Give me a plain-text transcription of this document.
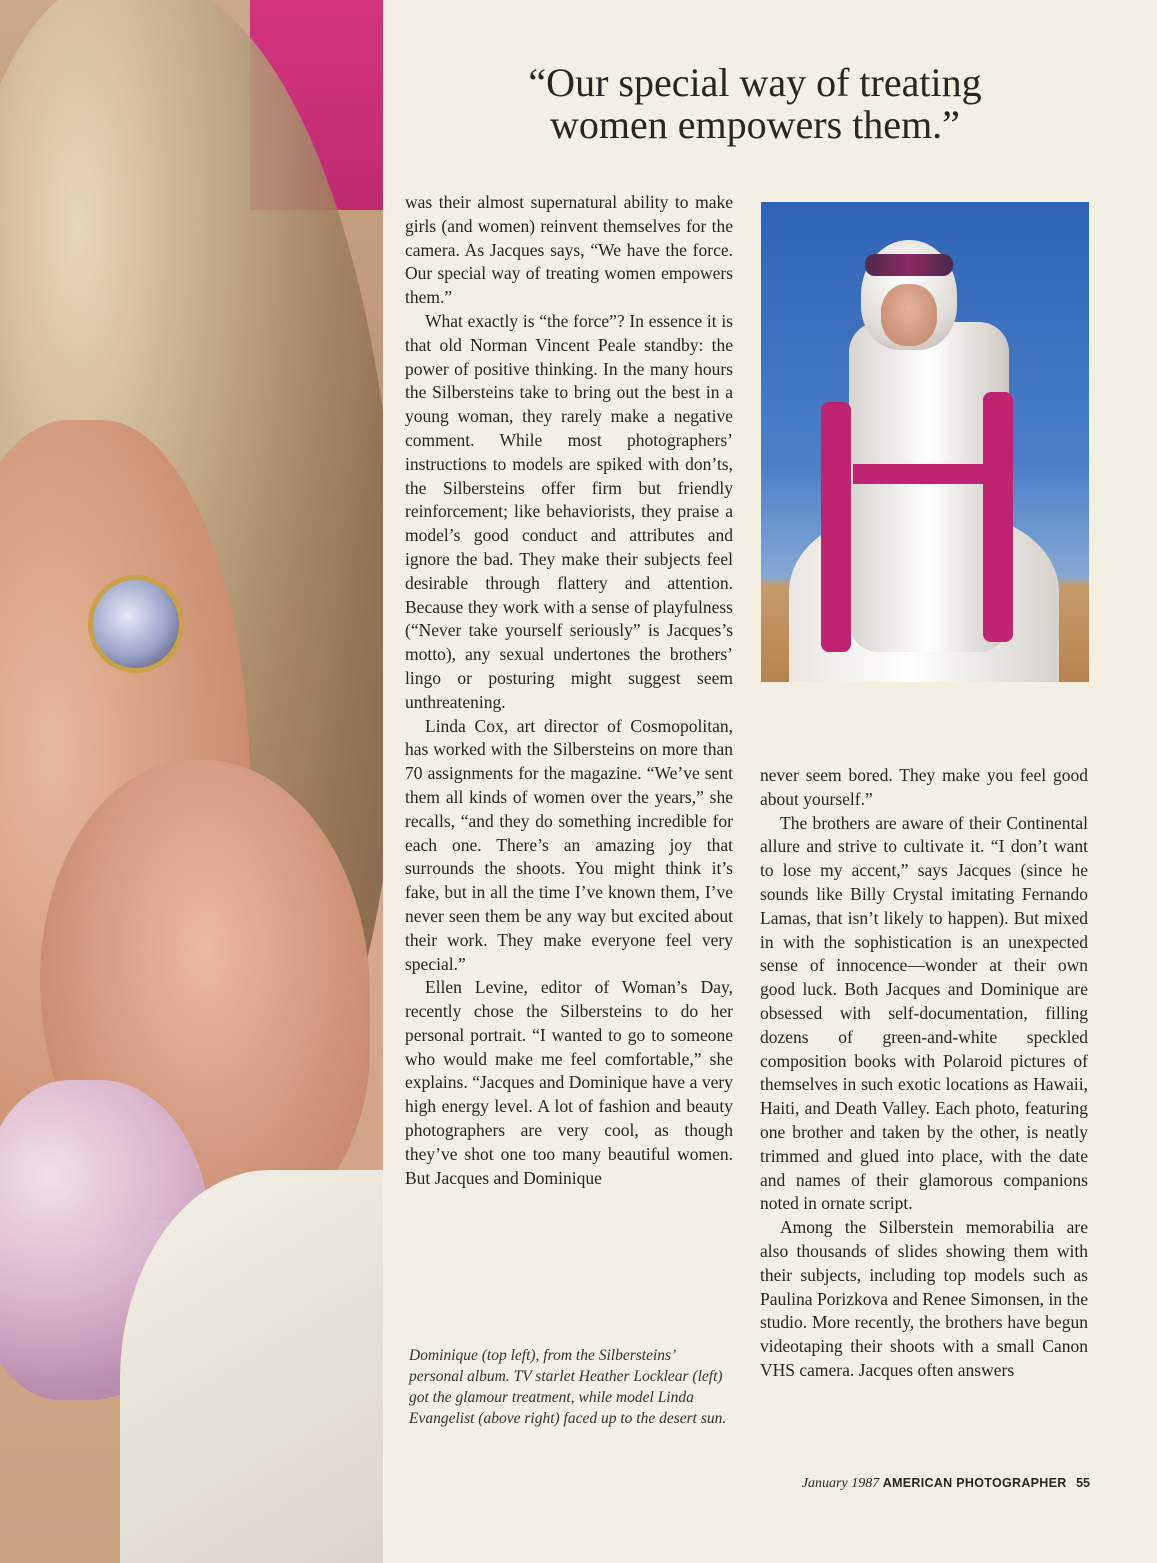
“Our special way of treating
women empowers them.”

was their almost supernatural ability to make girls (and women) reinvent themselves for the camera. As Jacques says, “We have the force. Our special way of treating women empowers them.”

What exactly is “the force”? In essence it is that old Norman Vincent Peale standby: the power of positive thinking. In the many hours the Silbersteins take to bring out the best in a young woman, they rarely make a negative comment. While most photographers’ instructions to models are spiked with don’ts, the Silbersteins offer firm but friendly reinforcement; like behaviorists, they praise a model’s good conduct and attributes and ignore the bad. They make their subjects feel desirable through flattery and attention. Because they work with a sense of playfulness (“Never take yourself seriously” is Jacques’s motto), any sexual undertones the brothers’ lingo or posturing might suggest seem unthreatening.

Linda Cox, art director of Cosmopolitan, has worked with the Silbersteins on more than 70 assignments for the magazine. “We’ve sent them all kinds of women over the years,” she recalls, “and they do something incredible for each one. There’s an amazing joy that surrounds the shoots. You might think it’s fake, but in all the time I’ve known them, I’ve never seen them be any way but excited about their work. They make everyone feel very special.”

Ellen Levine, editor of Woman’s Day, recently chose the Silbersteins to do her personal portrait. “I wanted to go to someone who would make me feel comfortable,” she explains. “Jacques and Dominique have a very high energy level. A lot of fashion and beauty photographers are very cool, as though they’ve shot one too many beautiful women. But Jacques and Dominique

never seem bored. They make you feel good about yourself.”

The brothers are aware of their Continental allure and strive to cultivate it. “I don’t want to lose my accent,” says Jacques (since he sounds like Billy Crystal imitating Fernando Lamas, that isn’t likely to happen). But mixed in with the sophistication is an unexpected sense of innocence—wonder at their own good luck. Both Jacques and Dominique are obsessed with self-documentation, filling dozens of green-and-white speckled composition books with Polaroid pictures of themselves in such exotic locations as Hawaii, Haiti, and Death Valley. Each photo, featuring one brother and taken by the other, is neatly trimmed and glued into place, with the date and names of their glamorous companions noted in ornate script.

Among the Silberstein memorabilia are also thousands of slides showing them with their subjects, including top models such as Paulina Porizkova and Renee Simonsen, in the studio. More recently, the brothers have begun videotaping their shoots with a small Canon VHS camera. Jacques often answers

Dominique (top left), from the Silbersteins’ personal album. TV starlet Heather Locklear (left) got the glamour treatment, while model Linda Evangelist (above right) faced up to the desert sun.
January 1987 AMERICAN PHOTOGRAPHER 55
